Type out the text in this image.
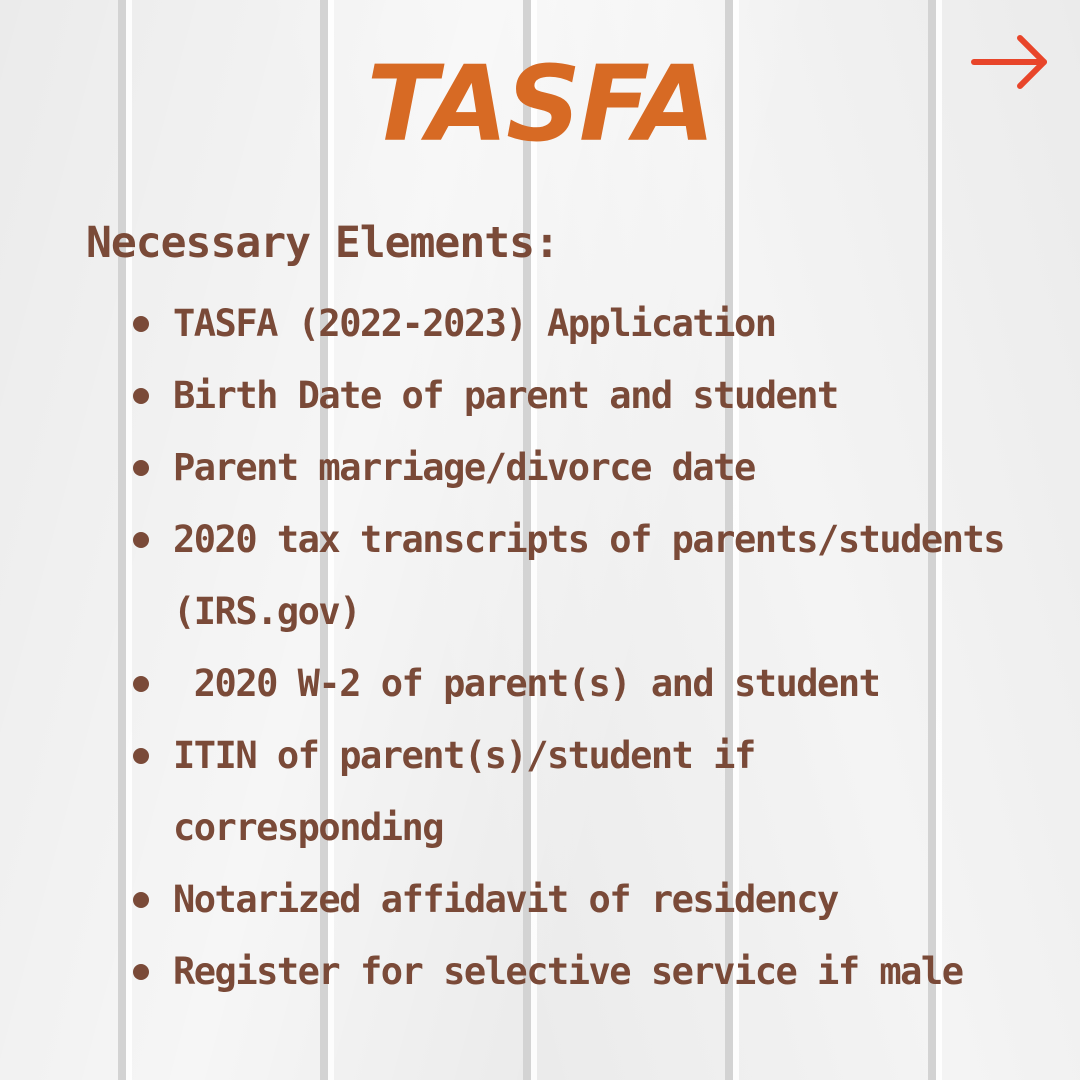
TASFA
Necessary Elements:
TASFA (2022-2023) Application
Birth Date of parent and student
Parent marriage/divorce date
2020 tax transcripts of parents/students (IRS.gov)
2020 W-2 of parent(s) and student
ITIN of parent(s)/student if corresponding
Notarized affidavit of residency
Register for selective service if male
